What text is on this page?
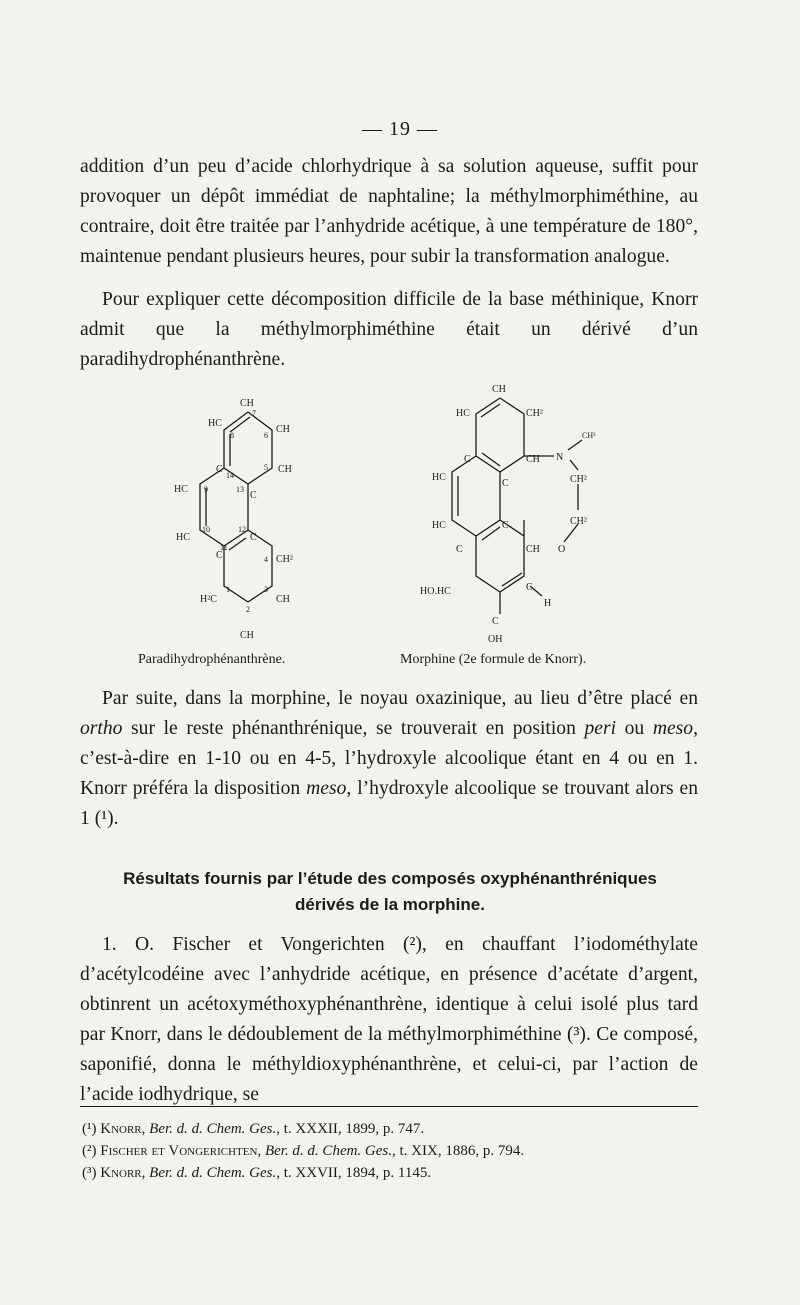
— 19 —

addition d’un peu d’acide chlorhydrique à sa solution aqueuse, suffit pour provoquer un dépôt immédiat de naphtaline; la méthylmorphiméthine, au contraire, doit être traitée par l’anhydride acétique, à une température de 180°, maintenue pendant plusieurs heures, pour subir la transformation analogue.

Pour expliquer cette décomposition difficile de la base méthinique, Knorr admit que la méthylmorphiméthine était un dérivé d’un paradihydrophénanthrène.

CH
HC
CH
C	CH
HC
C
HC	C
C	CH²
H²C	CH
CH
8
7
6
5
14
9	13
10	12
11
4
1	3
2
Paradihydrophénanthrène.
CH
HC	CH²
C	CH N
CH³
HC
C	CH²
HC	C	CH²
C	CH O
HO.HC	C
H
C
OH
Morphine (2e formule de Knorr).

Par suite, dans la morphine, le noyau oxazinique, au lieu d’être placé en ortho sur le reste phénanthrénique, se trouverait en position peri ou meso, c’est-à-dire en 1-10 ou en 4-5, l’hydroxyle alcoolique étant en 4 ou en 1. Knorr préféra la disposition meso, l’hydroxyle alcoolique se trouvant alors en 1 (¹).

Résultats fournis par l’étude des composés oxyphénanthréniques
dérivés de la morphine.

1. O. Fischer et Vongerichten (²), en chauffant l’iodométhylate d’acétylcodéine avec l’anhydride acétique, en présence d’acétate d’argent, obtinrent un acétoxyméthoxyphénanthrène, identique à celui isolé plus tard par Knorr, dans le dédoublement de la méthylmorphiméthine (³). Ce composé, saponifié, donna le méthyldioxyphénanthrène, et celui-ci, par l’action de l’acide iodhydrique, se

(¹) Knorr, Ber. d. d. Chem. Ges., t. XXXII, 1899, p. 747.
(²) Fischer et Vongerichten, Ber. d. d. Chem. Ges., t. XIX, 1886, p. 794.
(³) Knorr, Ber. d. d. Chem. Ges., t. XXVII, 1894, p. 1145.
